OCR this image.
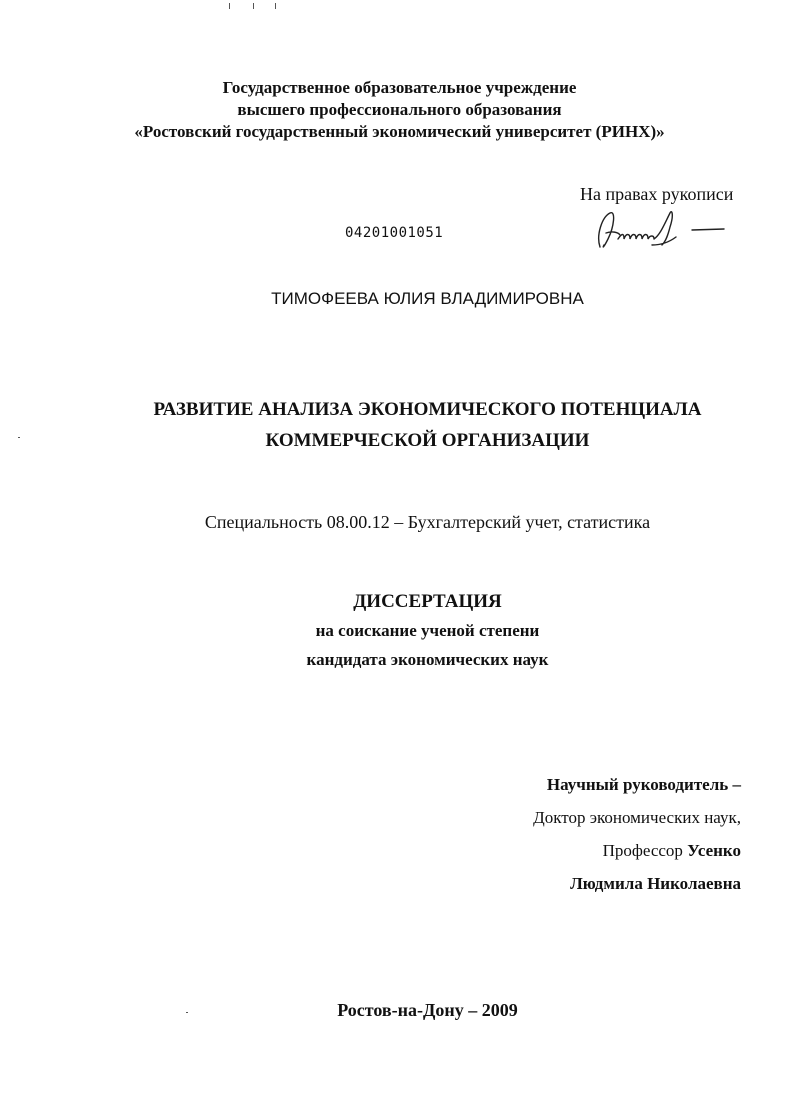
Государственное образовательное учреждение
высшего профессионального образования
«Ростовский государственный экономический университет (РИНХ)»
На правах рукописи
04201001051
ТИМОФЕЕВА ЮЛИЯ ВЛАДИМИРОВНА
РАЗВИТИЕ АНАЛИЗА ЭКОНОМИЧЕСКОГО ПОТЕНЦИАЛА
КОММЕРЧЕСКОЙ ОРГАНИЗАЦИИ
Специальность 08.00.12 – Бухгалтерский учет, статистика
ДИССЕРТАЦИЯ
на соискание ученой степени
кандидата экономических наук
Научный руководитель –
Доктор экономических наук,
Профессор Усенко
Людмила Николаевна
Ростов-на-Дону – 2009
